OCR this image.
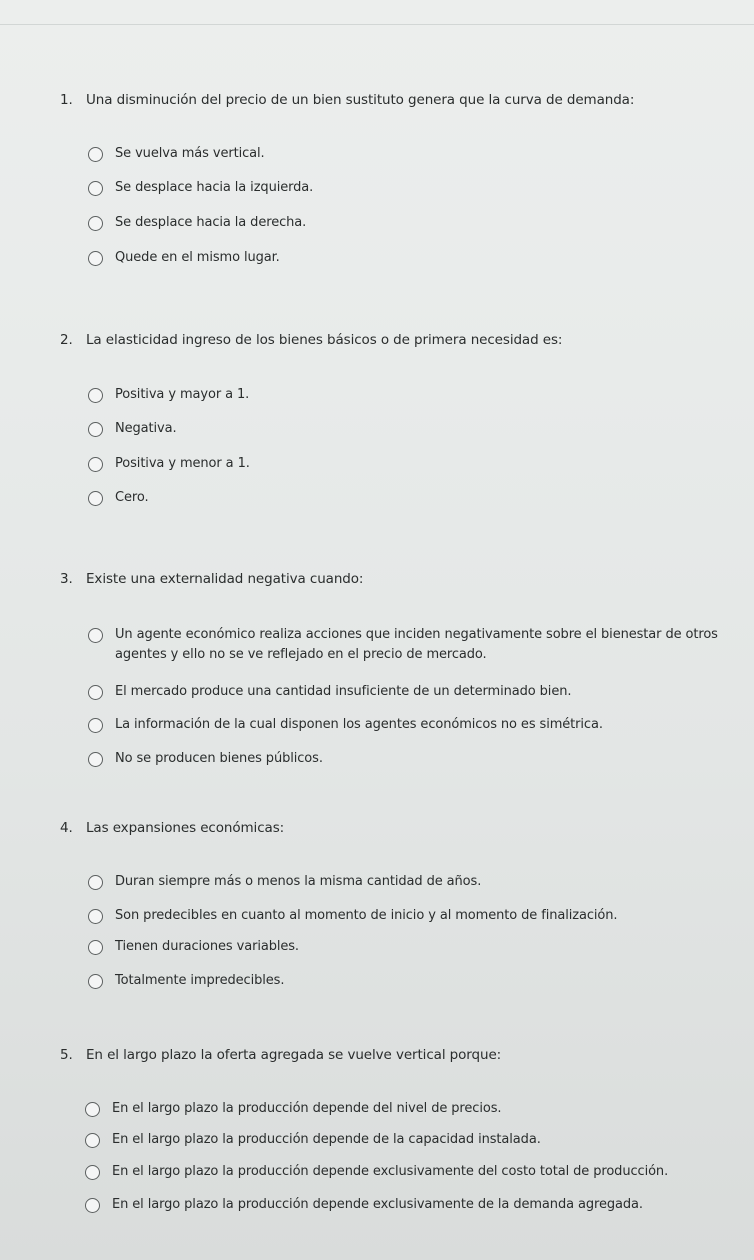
1. Una disminución del precio de un bien sustituto genera que la curva de demanda:
Se vuelva más vertical.
Se desplace hacia la izquierda.
Se desplace hacia la derecha.
Quede en el mismo lugar.
2. La elasticidad ingreso de los bienes básicos o de primera necesidad es:
Positiva y mayor a 1.
Negativa.
Positiva y menor a 1.
Cero.
3. Existe una externalidad negativa cuando:
Un agente económico realiza acciones que inciden negativamente sobre el bienestar de otros agentes y ello no se ve reflejado en el precio de mercado.
El mercado produce una cantidad insuficiente de un determinado bien.
La información de la cual disponen los agentes económicos no es simétrica.
No se producen bienes públicos.
4. Las expansiones económicas:
Duran siempre más o menos la misma cantidad de años.
Son predecibles en cuanto al momento de inicio y al momento de finalización.
Tienen duraciones variables.
Totalmente impredecibles.
5. En el largo plazo la oferta agregada se vuelve vertical porque:
En el largo plazo la producción depende del nivel de precios.
En el largo plazo la producción depende de la capacidad instalada.
En el largo plazo la producción depende exclusivamente del costo total de producción.
En el largo plazo la producción depende exclusivamente de la demanda agregada.
